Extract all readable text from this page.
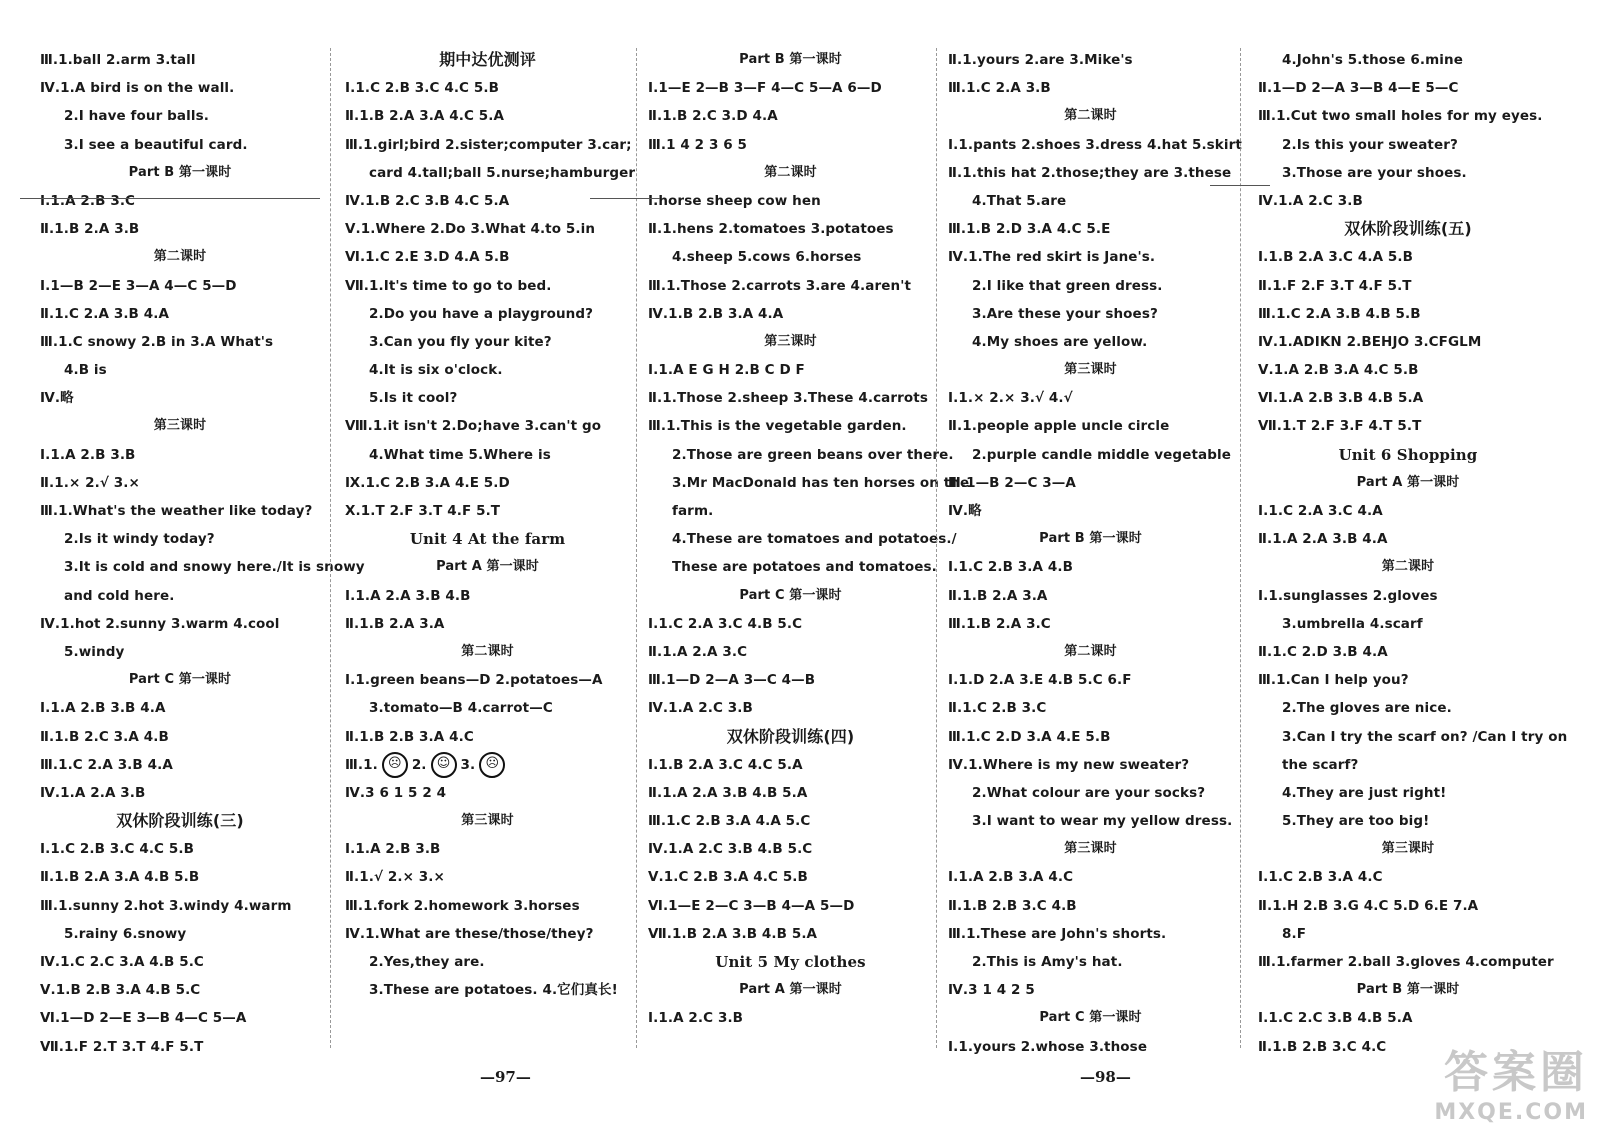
Ⅲ.1.ball 2.arm 3.tall
Ⅳ.1.A bird is on the wall.
2.I have four balls.
3.I see a beautiful card.
Part B 第一课时
Ⅰ.1.A 2.B 3.C
Ⅱ.1.B 2.A 3.B
第二课时
Ⅰ.1—B 2—E 3—A 4—C 5—D
Ⅱ.1.C 2.A 3.B 4.A
Ⅲ.1.C snowy 2.B in 3.A What's
4.B is
Ⅳ.略
第三课时
Ⅰ.1.A 2.B 3.B
Ⅱ.1.× 2.√ 3.×
Ⅲ.1.What's the weather like today?
2.Is it windy today?
3.It is cold and snowy here./It is snowy
and cold here.
Ⅳ.1.hot 2.sunny 3.warm 4.cool
5.windy
Part C 第一课时
Ⅰ.1.A 2.B 3.B 4.A
Ⅱ.1.B 2.C 3.A 4.B
Ⅲ.1.C 2.A 3.B 4.A
Ⅳ.1.A 2.A 3.B
双休阶段训练(三)
Ⅰ.1.C 2.B 3.C 4.C 5.B
Ⅱ.1.B 2.A 3.A 4.B 5.B
Ⅲ.1.sunny 2.hot 3.windy 4.warm
5.rainy 6.snowy
Ⅳ.1.C 2.C 3.A 4.B 5.C
Ⅴ.1.B 2.B 3.A 4.B 5.C
Ⅵ.1—D 2—E 3—B 4—C 5—A
Ⅶ.1.F 2.T 3.T 4.F 5.T
期中达优测评
Ⅰ.1.C 2.B 3.C 4.C 5.B
Ⅱ.1.B 2.A 3.A 4.C 5.A
Ⅲ.1.girl;bird 2.sister;computer 3.car;
card 4.tall;ball 5.nurse;hamburger
Ⅳ.1.B 2.C 3.B 4.C 5.A
Ⅴ.1.Where 2.Do 3.What 4.to 5.in
Ⅵ.1.C 2.E 3.D 4.A 5.B
Ⅶ.1.It's time to go to bed.
2.Do you have a playground?
3.Can you fly your kite?
4.It is six o'clock.
5.Is it cool?
Ⅷ.1.it isn't 2.Do;have 3.can't go
4.What time 5.Where is
Ⅸ.1.C 2.B 3.A 4.E 5.D
Ⅹ.1.T 2.F 3.T 4.F 5.T
Unit 4 At the farm
Part A 第一课时
Ⅰ.1.A 2.A 3.B 4.B
Ⅱ.1.B 2.A 3.A
第二课时
Ⅰ.1.green beans—D 2.potatoes—A
3.tomato—B 4.carrot—C
Ⅱ.1.B 2.B 3.A 4.C
Ⅲ.1. ☹ 2. ☺ 3. ☹
Ⅳ.3 6 1 5 2 4
第三课时
Ⅰ.1.A 2.B 3.B
Ⅱ.1.√ 2.× 3.×
Ⅲ.1.fork 2.homework 3.horses
Ⅳ.1.What are these/those/they?
2.Yes,they are.
3.These are potatoes. 4.它们真长!
Part B 第一课时
Ⅰ.1—E 2—B 3—F 4—C 5—A 6—D
Ⅱ.1.B 2.C 3.D 4.A
Ⅲ.1 4 2 3 6 5
第二课时
Ⅰ.horse sheep cow hen
Ⅱ.1.hens 2.tomatoes 3.potatoes
4.sheep 5.cows 6.horses
Ⅲ.1.Those 2.carrots 3.are 4.aren't
Ⅳ.1.B 2.B 3.A 4.A
第三课时
Ⅰ.1.A E G H 2.B C D F
Ⅱ.1.Those 2.sheep 3.These 4.carrots
Ⅲ.1.This is the vegetable garden.
2.Those are green beans over there.
3.Mr MacDonald has ten horses on the
farm.
4.These are tomatoes and potatoes./
These are potatoes and tomatoes.
Part C 第一课时
Ⅰ.1.C 2.A 3.C 4.B 5.C
Ⅱ.1.A 2.A 3.C
Ⅲ.1—D 2—A 3—C 4—B
Ⅳ.1.A 2.C 3.B
双休阶段训练(四)
Ⅰ.1.B 2.A 3.C 4.C 5.A
Ⅱ.1.A 2.A 3.B 4.B 5.A
Ⅲ.1.C 2.B 3.A 4.A 5.C
Ⅳ.1.A 2.C 3.B 4.B 5.C
Ⅴ.1.C 2.B 3.A 4.C 5.B
Ⅵ.1—E 2—C 3—B 4—A 5—D
Ⅶ.1.B 2.A 3.B 4.B 5.A
Unit 5 My clothes
Part A 第一课时
Ⅰ.1.A 2.C 3.B
Ⅱ.1.yours 2.are 3.Mike's
Ⅲ.1.C 2.A 3.B
第二课时
Ⅰ.1.pants 2.shoes 3.dress 4.hat 5.skirt
Ⅱ.1.this hat 2.those;they are 3.these
4.That 5.are
Ⅲ.1.B 2.D 3.A 4.C 5.E
Ⅳ.1.The red skirt is Jane's.
2.I like that green dress.
3.Are these your shoes?
4.My shoes are yellow.
第三课时
Ⅰ.1.× 2.× 3.√ 4.√
Ⅱ.1.people apple uncle circle
2.purple candle middle vegetable
Ⅲ.1—B 2—C 3—A
Ⅳ.略
Part B 第一课时
Ⅰ.1.C 2.B 3.A 4.B
Ⅱ.1.B 2.A 3.A
Ⅲ.1.B 2.A 3.C
第二课时
Ⅰ.1.D 2.A 3.E 4.B 5.C 6.F
Ⅱ.1.C 2.B 3.C
Ⅲ.1.C 2.D 3.A 4.E 5.B
Ⅳ.1.Where is my new sweater?
2.What colour are your socks?
3.I want to wear my yellow dress.
第三课时
Ⅰ.1.A 2.B 3.A 4.C
Ⅱ.1.B 2.B 3.C 4.B
Ⅲ.1.These are John's shorts.
2.This is Amy's hat.
Ⅳ.3 1 4 2 5
Part C 第一课时
Ⅰ.1.yours 2.whose 3.those
4.John's 5.those 6.mine
Ⅱ.1—D 2—A 3—B 4—E 5—C
Ⅲ.1.Cut two small holes for my eyes.
2.Is this your sweater?
3.Those are your shoes.
Ⅳ.1.A 2.C 3.B
双休阶段训练(五)
Ⅰ.1.B 2.A 3.C 4.A 5.B
Ⅱ.1.F 2.F 3.T 4.F 5.T
Ⅲ.1.C 2.A 3.B 4.B 5.B
Ⅳ.1.ADIKN 2.BEHJO 3.CFGLM
Ⅴ.1.A 2.B 3.A 4.C 5.B
Ⅵ.1.A 2.B 3.B 4.B 5.A
Ⅶ.1.T 2.F 3.F 4.T 5.T
Unit 6 Shopping
Part A 第一课时
Ⅰ.1.C 2.A 3.C 4.A
Ⅱ.1.A 2.A 3.B 4.A
第二课时
Ⅰ.1.sunglasses 2.gloves
3.umbrella 4.scarf
Ⅱ.1.C 2.D 3.B 4.A
Ⅲ.1.Can I help you?
2.The gloves are nice.
3.Can I try the scarf on? /Can I try on
the scarf?
4.They are just right!
5.They are too big!
第三课时
Ⅰ.1.C 2.B 3.A 4.C
Ⅱ.1.H 2.B 3.G 4.C 5.D 6.E 7.A
8.F
Ⅲ.1.farmer 2.ball 3.gloves 4.computer
Part B 第一课时
Ⅰ.1.C 2.C 3.B 4.B 5.A
Ⅱ.1.B 2.B 3.C 4.C
—97—	—98—	答案圈
MXQE.COM
